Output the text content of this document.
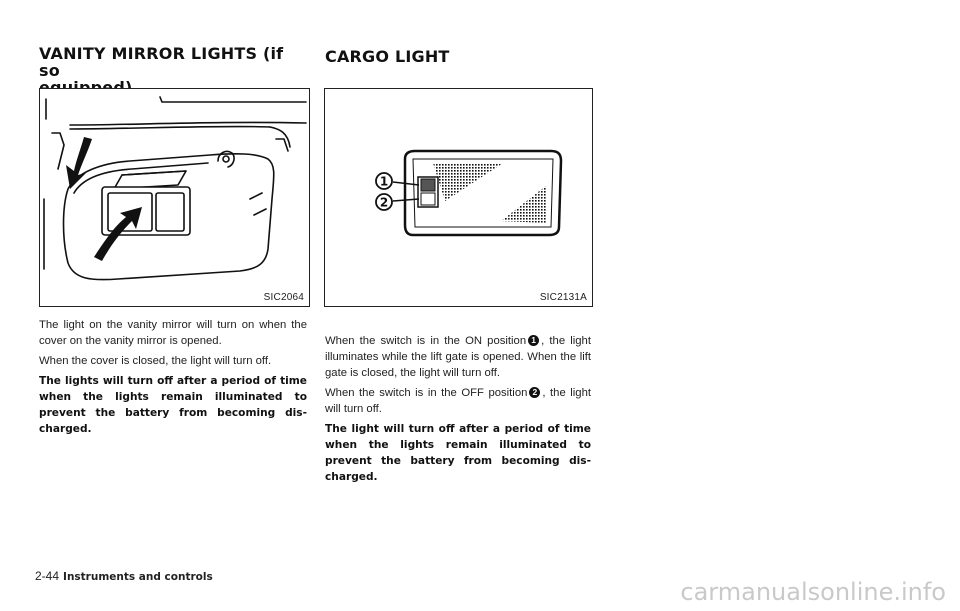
VANITY MIRROR LIGHTS (if so

SIC2064

The light on the vanity mirror will turn on when the cover on the vanity mirror is opened.

When the cover is closed, the light will turn off.

The lights will turn off after a period of time when the lights remain illuminated to prevent the battery from becoming dis-charged.

CARGO LIGHT
1
2
SIC2131A

When the switch is in the ON position 1 , the light illuminates while the lift gate is opened. When the lift gate is closed, the light will turn off.

When the switch is in the OFF position 2 , the light will turn off.

The light will turn off after a period of time when the lights remain illuminated to prevent the battery from becoming dis-charged.

2-44 Instruments and controls
carmanualsonline.info
